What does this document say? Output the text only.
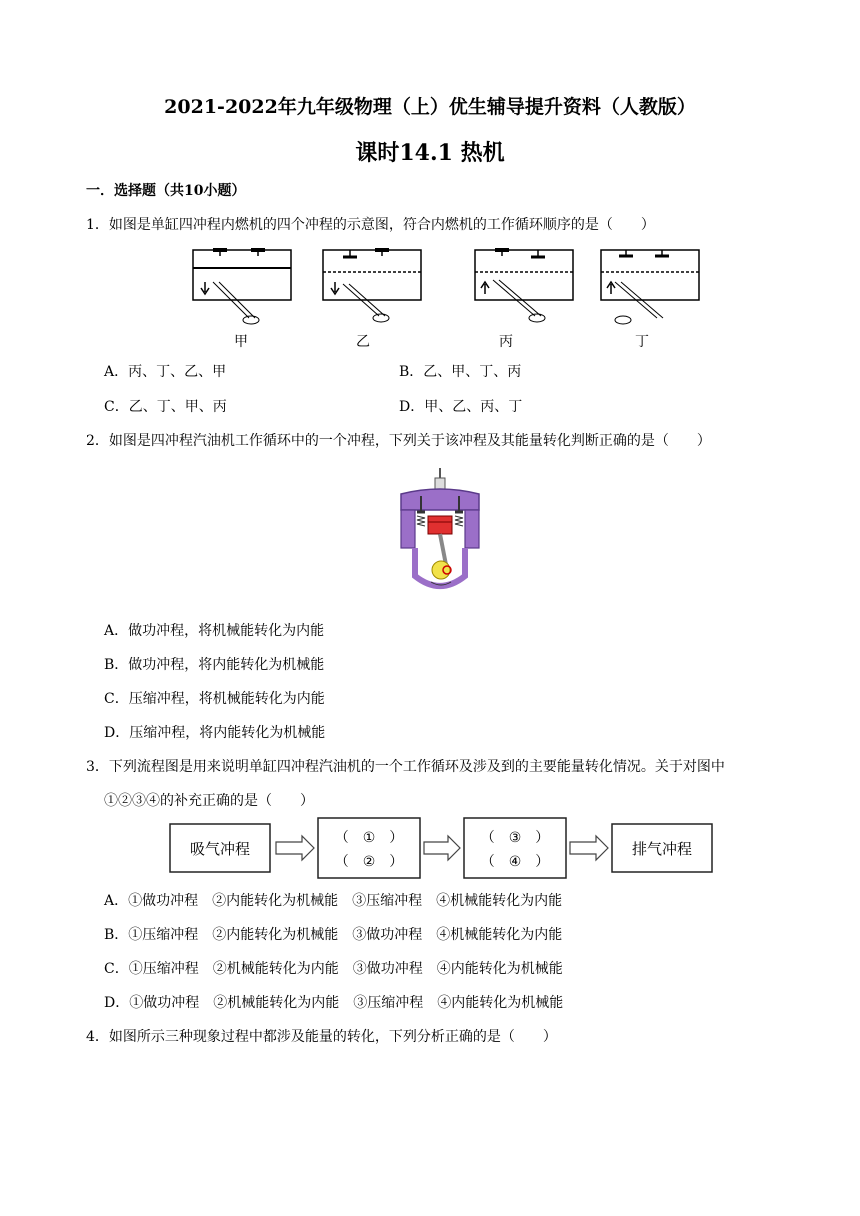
2021-2022年九年级物理（上）优生辅导提升资料（人教版）
课时14.1 热机
一．选择题（共10小题）
1．如图是单缸四冲程内燃机的四个冲程的示意图，符合内燃机的工作循环顺序的是（　　）
甲	乙	丙	丁
A．丙、丁、乙、甲	B．乙、甲、丁、丙
C．乙、丁、甲、丙	D．甲、乙、丙、丁
2．如图是四冲程汽油机工作循环中的一个冲程，下列关于该冲程及其能量转化判断正确的是（　　）
A．做功冲程，将机械能转化为内能
B．做功冲程，将内能转化为机械能
C．压缩冲程，将机械能转化为内能
D．压缩冲程，将内能转化为机械能
3．下列流程图是用来说明单缸四冲程汽油机的一个工作循环及涉及到的主要能量转化情况。关于对图中
①②③④的补充正确的是（　　）
吸气冲程
（　①　）
（　②　）
（　③　）
（　④　）
排气冲程
A．①做功冲程　②内能转化为机械能　③压缩冲程　④机械能转化为内能
B．①压缩冲程　②内能转化为机械能　③做功冲程　④机械能转化为内能
C．①压缩冲程　②机械能转化为内能　③做功冲程　④内能转化为机械能
D．①做功冲程　②机械能转化为内能　③压缩冲程　④内能转化为机械能
4．如图所示三种现象过程中都涉及能量的转化，下列分析正确的是（　　）
